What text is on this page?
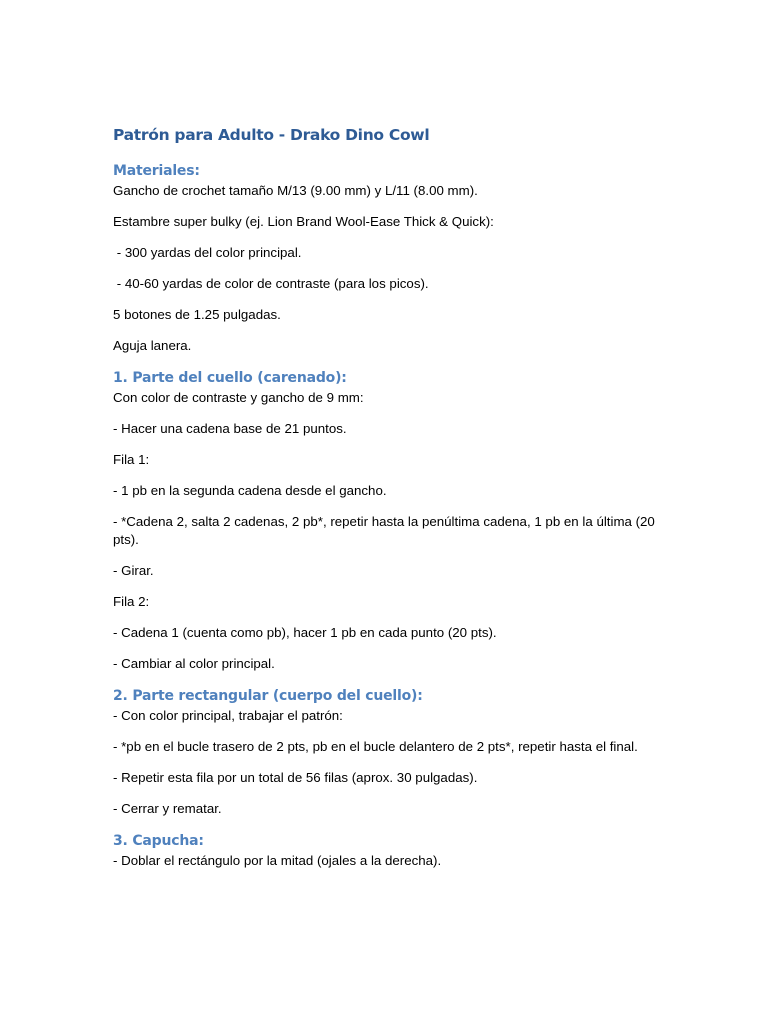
Patrón para Adulto - Drako Dino Cowl
Materiales:

Gancho de crochet tamaño M/13 (9.00 mm) y L/11 (8.00 mm).

Estambre super bulky (ej. Lion Brand Wool-Ease Thick & Quick):

- 300 yardas del color principal.

- 40-60 yardas de color de contraste (para los picos).

5 botones de 1.25 pulgadas.

Aguja lanera.

1. Parte del cuello (carenado):

Con color de contraste y gancho de 9 mm:

- Hacer una cadena base de 21 puntos.

Fila 1:

- 1 pb en la segunda cadena desde el gancho.

- *Cadena 2, salta 2 cadenas, 2 pb*, repetir hasta la penúltima cadena, 1 pb en la última (20 pts).

- Girar.

Fila 2:

- Cadena 1 (cuenta como pb), hacer 1 pb en cada punto (20 pts).

- Cambiar al color principal.

2. Parte rectangular (cuerpo del cuello):

- Con color principal, trabajar el patrón:

- *pb en el bucle trasero de 2 pts, pb en el bucle delantero de 2 pts*, repetir hasta el final.

- Repetir esta fila por un total de 56 filas (aprox. 30 pulgadas).

- Cerrar y rematar.

3. Capucha:

- Doblar el rectángulo por la mitad (ojales a la derecha).
